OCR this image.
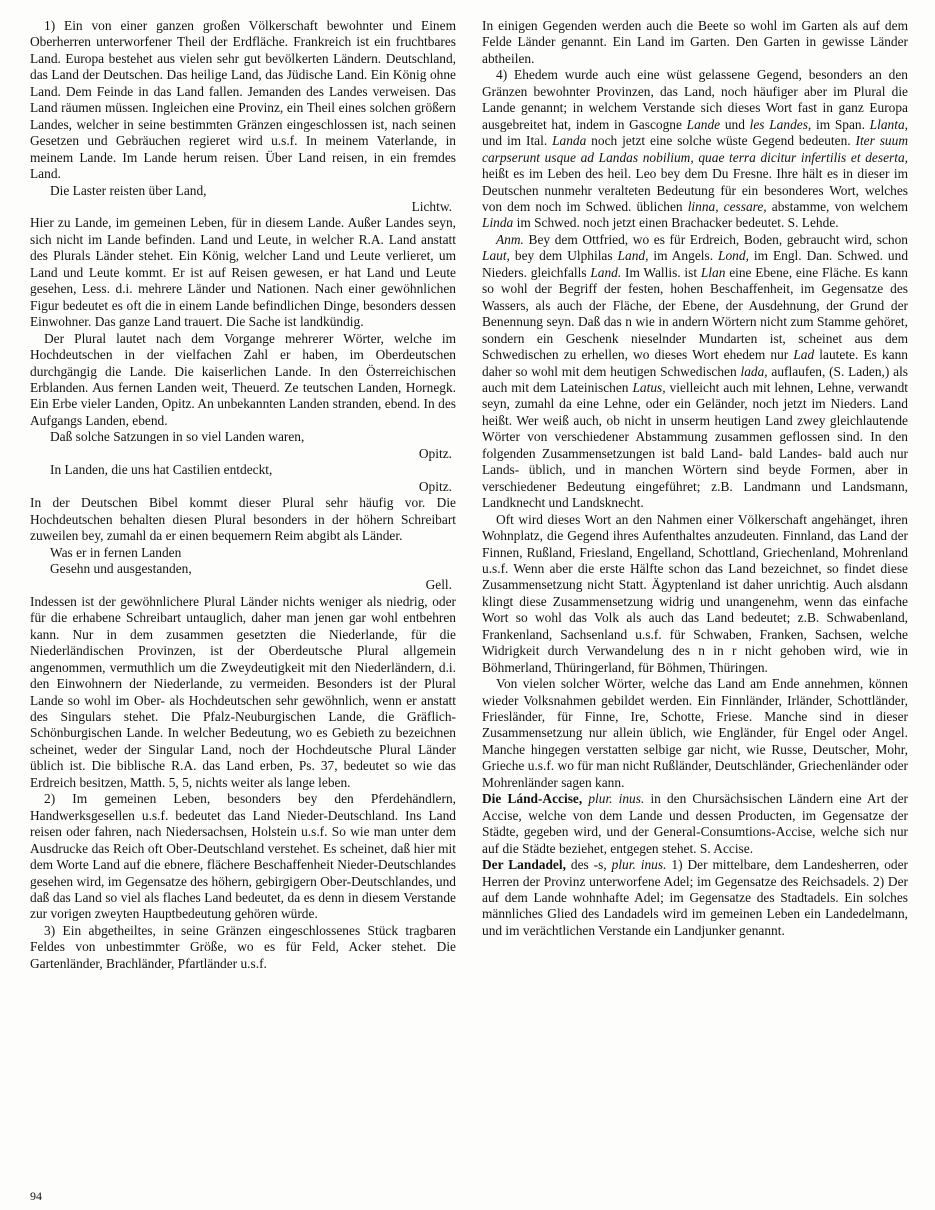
1) Ein von einer ganzen großen Völkerschaft bewohnter und Einem Oberherren unterworfener Theil der Erdfläche. Frankreich ist ein fruchtbares Land. Europa bestehet aus vielen sehr gut bevölkerten Ländern. Deutschland, das Land der Deutschen. Das heilige Land, das Jüdische Land. Ein König ohne Land. Dem Feinde in das Land fallen. Jemanden des Landes verweisen. Das Land räumen müssen. Ingleichen eine Provinz, ein Theil eines solchen größern Landes, welcher in seine bestimmten Gränzen eingeschlossen ist, nach seinen Gesetzen und Gebräuchen regieret wird u.s.f. In meinem Vaterlande, in meinem Lande. Im Lande herum reisen. Über Land reisen, in ein fremdes Land.

Die Laster reisten über Land,

Lichtw.

Hier zu Lande, im gemeinen Leben, für in diesem Lande. Außer Landes seyn, sich nicht im Lande befinden. Land und Leute, in welcher R.A. Land anstatt des Plurals Länder stehet. Ein König, welcher Land und Leute verlieret, um Land und Leute kommt. Er ist auf Reisen gewesen, er hat Land und Leute gesehen, Less. d.i. mehrere Länder und Nationen. Nach einer gewöhnlichen Figur bedeutet es oft die in einem Lande befindlichen Dinge, besonders dessen Einwohner. Das ganze Land trauert. Die Sache ist landkündig.

Der Plural lautet nach dem Vorgange mehrerer Wörter, welche im Hochdeutschen in der vielfachen Zahl er haben, im Oberdeutschen durchgängig die Lande. Die kaiserlichen Lande. In den Österreichischen Erblanden. Aus fernen Landen weit, Theuerd. Ze teutschen Landen, Hornegk. Ein Erbe vieler Landen, Opitz. An unbekannten Landen stranden, ebend. In des Aufgangs Landen, ebend.

Daß solche Satzungen in so viel Landen waren,

Opitz.

In Landen, die uns hat Castilien entdeckt,

Opitz.

In der Deutschen Bibel kommt dieser Plural sehr häufig vor. Die Hochdeutschen behalten diesen Plural besonders in der höhern Schreibart zuweilen bey, zumahl da er einen bequemern Reim abgibt als Länder.

Was er in fernen Landen

Gesehn und ausgestanden,

Gell.

Indessen ist der gewöhnlichere Plural Länder nichts weniger als niedrig, oder für die erhabene Schreibart untauglich, daher man jenen gar wohl entbehren kann. Nur in dem zusammen gesetzten die Niederlande, für die Niederländischen Provinzen, ist der Oberdeutsche Plural allgemein angenommen, vermuthlich um die Zweydeutigkeit mit den Niederländern, d.i. den Einwohnern der Niederlande, zu vermeiden. Besonders ist der Plural Lande so wohl im Ober- als Hochdeutschen sehr gewöhnlich, wenn er anstatt des Singulars stehet. Die Pfalz-Neuburgischen Lande, die Gräflich-Schönburgischen Lande. In welcher Bedeutung, wo es Gebieth zu bezeichnen scheinet, weder der Singular Land, noch der Hochdeutsche Plural Länder üblich ist. Die biblische R.A. das Land erben, Ps. 37, bedeutet so wie das Erdreich besitzen, Matth. 5, 5, nichts weiter als lange leben.

2) Im gemeinen Leben, besonders bey den Pferdehändlern, Handwerksgesellen u.s.f. bedeutet das Land Nieder-Deutschland. Ins Land reisen oder fahren, nach Niedersachsen, Holstein u.s.f. So wie man unter dem Ausdrucke das Reich oft Ober-Deutschland verstehet. Es scheinet, daß hier mit dem Worte Land auf die ebnere, flächere Beschaffenheit Nieder-Deutschlandes gesehen wird, im Gegensatze des höhern, gebirgigern Ober-Deutschlandes, und daß das Land so viel als flaches Land bedeutet, da es denn in diesem Verstande zur vorigen zweyten Hauptbedeutung gehören würde.

3) Ein abgetheiltes, in seine Gränzen eingeschlossenes Stück tragbaren Feldes von unbestimmter Größe, wo es für Feld, Acker stehet. Die Gartenländer, Brachländer, Pfartländer u.s.f.

In einigen Gegenden werden auch die Beete so wohl im Garten als auf dem Felde Länder genannt. Ein Land im Garten. Den Garten in gewisse Länder abtheilen.

4) Ehedem wurde auch eine wüst gelassene Gegend, besonders an den Gränzen bewohnter Provinzen, das Land, noch häufiger aber im Plural die Lande genannt; in welchem Verstande sich dieses Wort fast in ganz Europa ausgebreitet hat, indem in Gascogne Lande und les Landes, im Span. Llanta, und im Ital. Landa noch jetzt eine solche wüste Gegend bedeuten. Iter suum carpserunt usque ad Landas nobilium, quae terra dicitur infertilis et deserta, heißt es im Leben des heil. Leo bey dem Du Fresne. Ihre hält es in dieser im Deutschen nunmehr veralteten Bedeutung für ein besonderes Wort, welches von dem noch im Schwed. üblichen linna, cessare, abstamme, von welchem Linda im Schwed. noch jetzt einen Brachacker bedeutet. S. Lehde.

Anm. Bey dem Ottfried, wo es für Erdreich, Boden, gebraucht wird, schon Laut, bey dem Ulphilas Land, im Angels. Lond, im Engl. Dan. Schwed. und Nieders. gleichfalls Land. Im Wallis. ist Llan eine Ebene, eine Fläche. Es kann so wohl der Begriff der festen, hohen Beschaffenheit, im Gegensatze des Wassers, als auch der Fläche, der Ebene, der Ausdehnung, der Grund der Benennung seyn. Daß das n wie in andern Wörtern nicht zum Stamme gehöret, sondern ein Geschenk nieselnder Mundarten ist, scheinet aus dem Schwedischen zu erhellen, wo dieses Wort ehedem nur Lad lautete. Es kann daher so wohl mit dem heutigen Schwedischen lada, auflaufen, (S. Laden,) als auch mit dem Lateinischen Latus, vielleicht auch mit lehnen, Lehne, verwandt seyn, zumahl da eine Lehne, oder ein Geländer, noch jetzt im Nieders. Land heißt. Wer weiß auch, ob nicht in unserm heutigen Land zwey gleichlautende Wörter von verschiedener Abstammung zusammen geflossen sind. In den folgenden Zusammensetzungen ist bald Land- bald Landes- bald auch nur Lands- üblich, und in manchen Wörtern sind beyde Formen, aber in verschiedener Bedeutung eingeführet; z.B. Landmann und Landsmann, Landknecht und Landsknecht.

Oft wird dieses Wort an den Nahmen einer Völkerschaft angehänget, ihren Wohnplatz, die Gegend ihres Aufenthaltes anzudeuten. Finnland, das Land der Finnen, Rußland, Friesland, Engelland, Schottland, Griechenland, Mohrenland u.s.f. Wenn aber die erste Hälfte schon das Land bezeichnet, so findet diese Zusammensetzung nicht Statt. Ägyptenland ist daher unrichtig. Auch alsdann klingt diese Zusammensetzung widrig und unangenehm, wenn das einfache Wort so wohl das Volk als auch das Land bedeutet; z.B. Schwabenland, Frankenland, Sachsenland u.s.f. für Schwaben, Franken, Sachsen, welche Widrigkeit durch Verwandelung des n in r nicht gehoben wird, wie in Böhmerland, Thüringerland, für Böhmen, Thüringen.

Von vielen solcher Wörter, welche das Land am Ende annehmen, können wieder Volksnahmen gebildet werden. Ein Finnländer, Irländer, Schottländer, Friesländer, für Finne, Ire, Schotte, Friese. Manche sind in dieser Zusammensetzung nur allein üblich, wie Engländer, für Engel oder Angel. Manche hingegen verstatten selbige gar nicht, wie Russe, Deutscher, Mohr, Grieche u.s.f. wo für man nicht Rußländer, Deutschländer, Griechenländer oder Mohrenländer sagen kann.

Die Lánd-Accise, plur. inus. in den Chursächsischen Ländern eine Art der Accise, welche von dem Lande und dessen Producten, im Gegensatze der Städte, gegeben wird, und der General-Consumtions-Accise, welche sich nur auf die Städte beziehet, entgegen stehet. S. Accise.

Der Landadel, des -s, plur. inus. 1) Der mittelbare, dem Landesherren, oder Herren der Provinz unterworfene Adel; im Gegensatze des Reichsadels. 2) Der auf dem Lande wohnhafte Adel; im Gegensatze des Stadtadels. Ein solches männliches Glied des Landadels wird im gemeinen Leben ein Landedelmann, und im verächtlichen Verstande ein Landjunker genannt.

94
